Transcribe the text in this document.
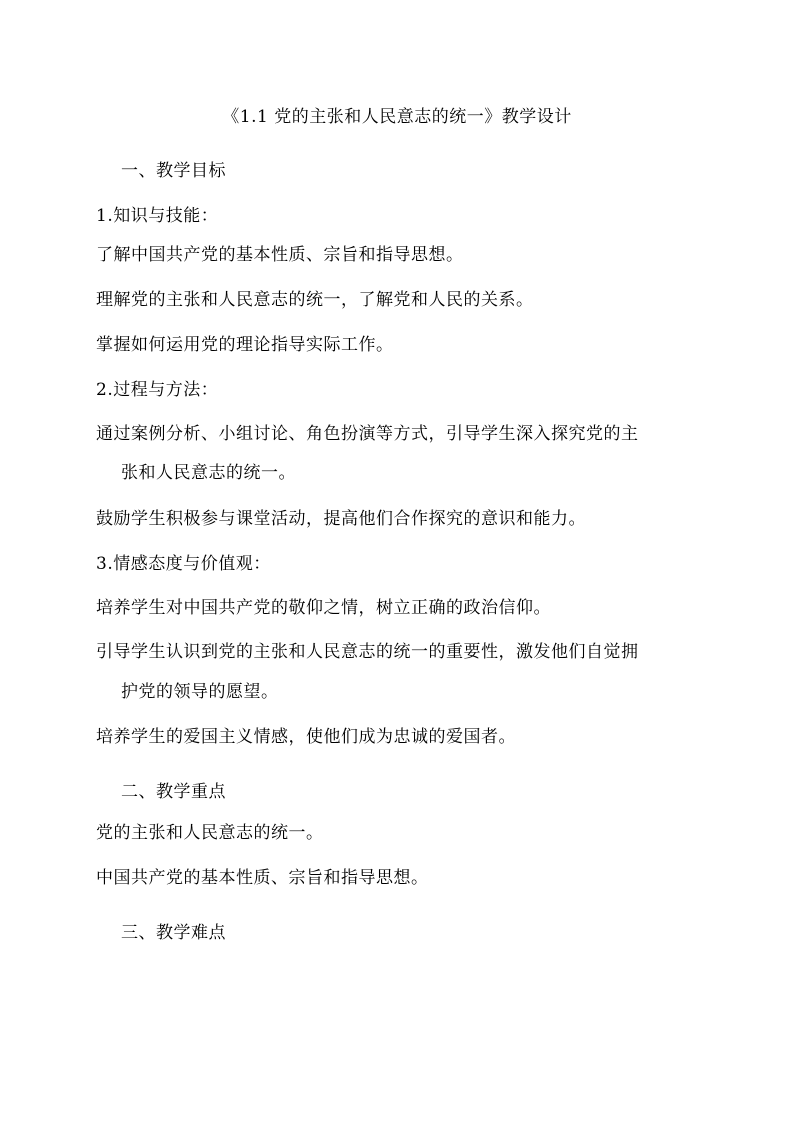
《1.1 党的主张和人民意志的统一》教学设计
一、教学目标
1.知识与技能：
了解中国共产党的基本性质、宗旨和指导思想。
理解党的主张和人民意志的统一，了解党和人民的关系。
掌握如何运用党的理论指导实际工作。
2.过程与方法：
通过案例分析、小组讨论、角色扮演等方式，引导学生深入探究党的主
张和人民意志的统一。
鼓励学生积极参与课堂活动，提高他们合作探究的意识和能力。
3.情感态度与价值观：
培养学生对中国共产党的敬仰之情，树立正确的政治信仰。
引导学生认识到党的主张和人民意志的统一的重要性，激发他们自觉拥
护党的领导的愿望。
培养学生的爱国主义情感，使他们成为忠诚的爱国者。
二、教学重点
党的主张和人民意志的统一。
中国共产党的基本性质、宗旨和指导思想。
三、教学难点
